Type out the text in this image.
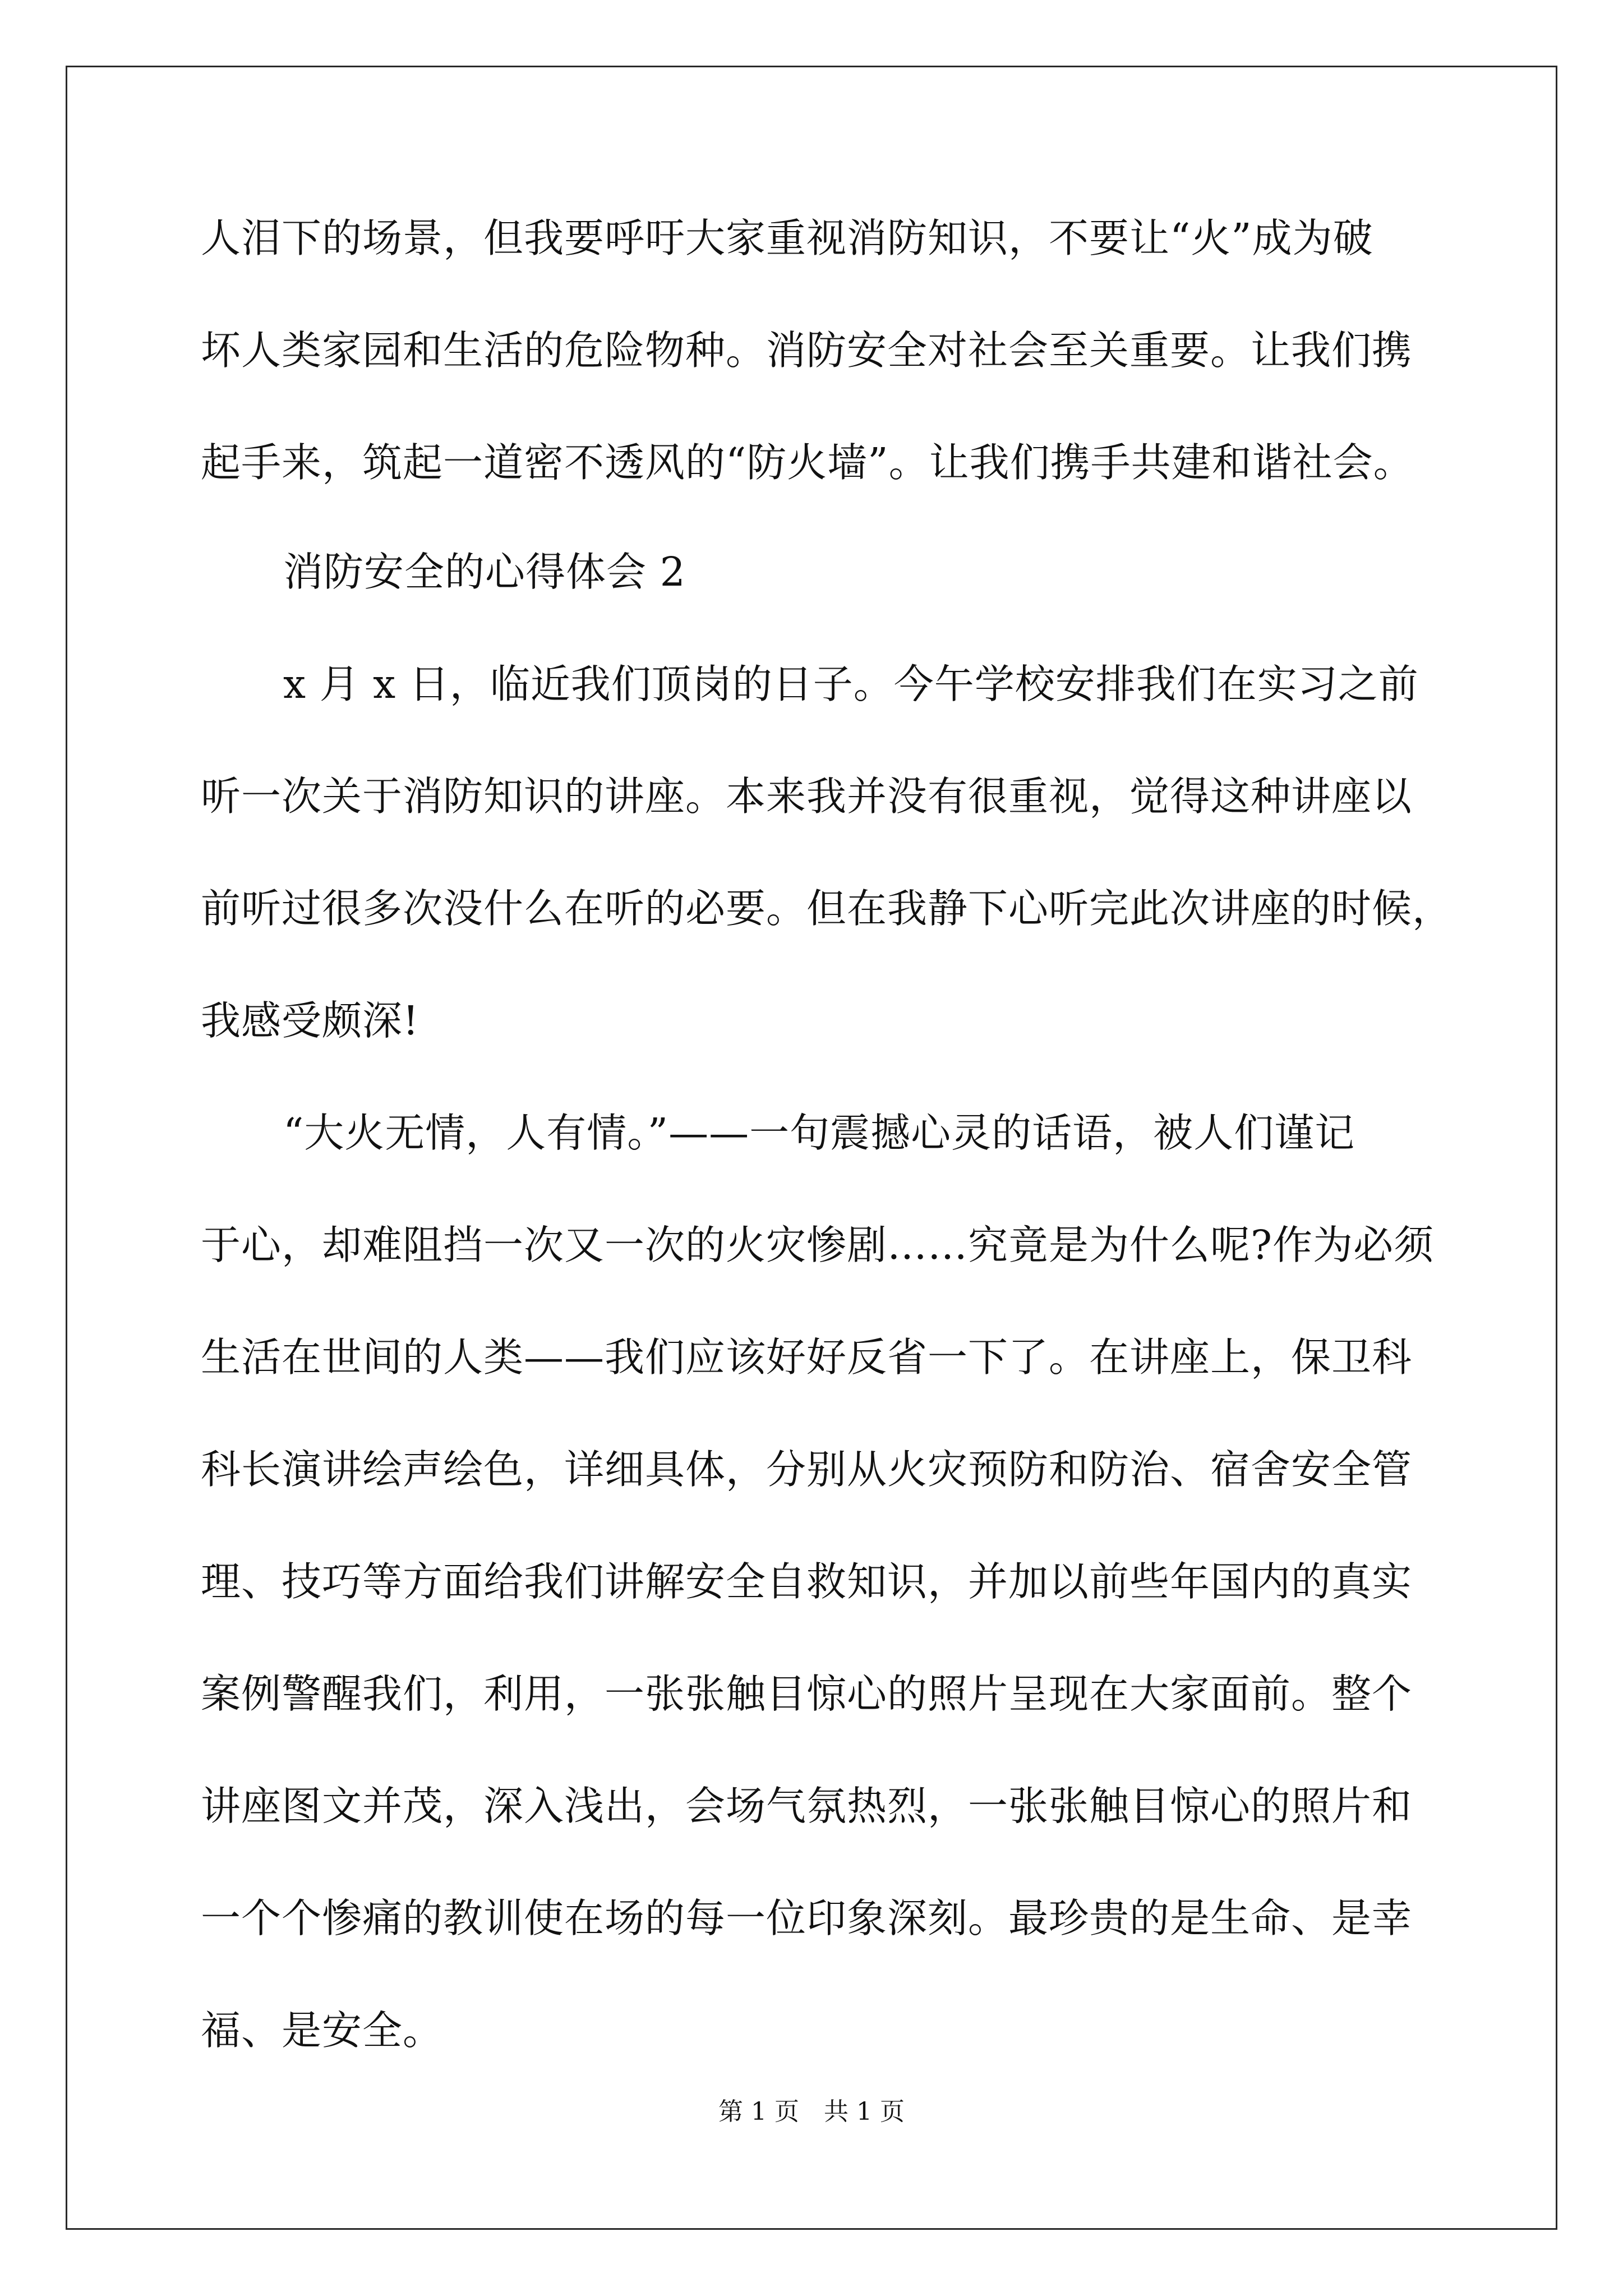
人泪下的场景，但我要呼吁大家重视消防知识，不要让“火”成为破
坏人类家园和生活的危险物种。消防安全对社会至关重要。让我们携
起手来，筑起一道密不透风的“防火墙”。让我们携手共建和谐社会。
消防安全的心得体会 2
x 月 x 日，临近我们顶岗的日子。今午学校安排我们在实习之前
听一次关于消防知识的讲座。本来我并没有很重视，觉得这种讲座以
前听过很多次没什么在听的必要。但在我静下心听完此次讲座的时候，
我感受颇深!
“大火无情，人有情。”——一句震撼心灵的话语，被人们谨记
于心，却难阻挡一次又一次的火灾惨剧……究竟是为什么呢?作为必须
生活在世间的人类——我们应该好好反省一下了。在讲座上，保卫科
科长演讲绘声绘色，详细具体，分别从火灾预防和防治、宿舍安全管
理、技巧等方面给我们讲解安全自救知识，并加以前些年国内的真实
案例警醒我们，利用，一张张触目惊心的照片呈现在大家面前。整个
讲座图文并茂，深入浅出，会场气氛热烈，一张张触目惊心的照片和
一个个惨痛的教训使在场的每一位印象深刻。最珍贵的是生命、是幸
福、是安全。
第 1 页　共 1 页
